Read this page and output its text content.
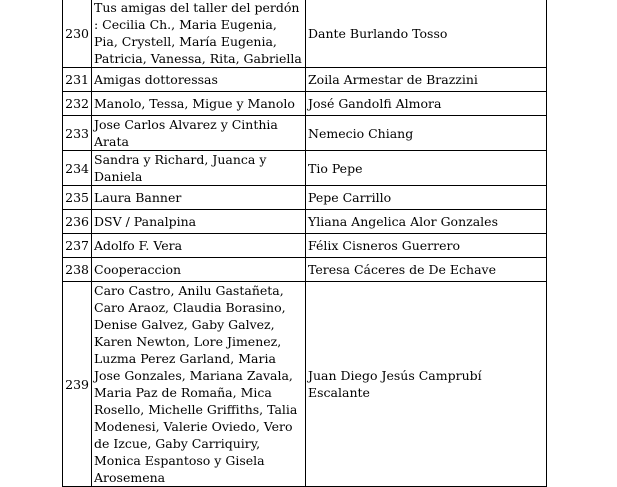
230	Tus amigas del taller del perdón : Cecilia Ch., Maria Eugenia, Pia, Crystell, María Eugenia, Patricia, Vanessa, Rita, Gabriella	Dante Burlando Tosso
231	Amigas dottoressas	Zoila Armestar de Brazzini
232	Manolo, Tessa, Migue y Manolo	José Gandolfi Almora
233	Jose Carlos Alvarez y Cinthia Arata	Nemecio Chiang
234	Sandra y Richard, Juanca y Daniela	Tio Pepe
235	Laura Banner	Pepe Carrillo
236	DSV / Panalpina	Yliana Angelica Alor Gonzales
237	Adolfo F. Vera	Félix Cisneros Guerrero
238	Cooperaccion	Teresa Cáceres de De Echave
239	Caro Castro, Anilu Gastañeta, Caro Araoz, Claudia Borasino, Denise Galvez, Gaby Galvez, Karen Newton, Lore Jimenez, Luzma Perez Garland, Maria Jose Gonzales, Mariana Zavala, Maria Paz de Romaña, Mica Rosello, Michelle Griffiths, Talia Modenesi, Valerie Oviedo, Vero de Izcue, Gaby Carriquiry, Monica Espantoso y Gisela Arosemena	Juan Diego Jesús Camprubí Escalante
